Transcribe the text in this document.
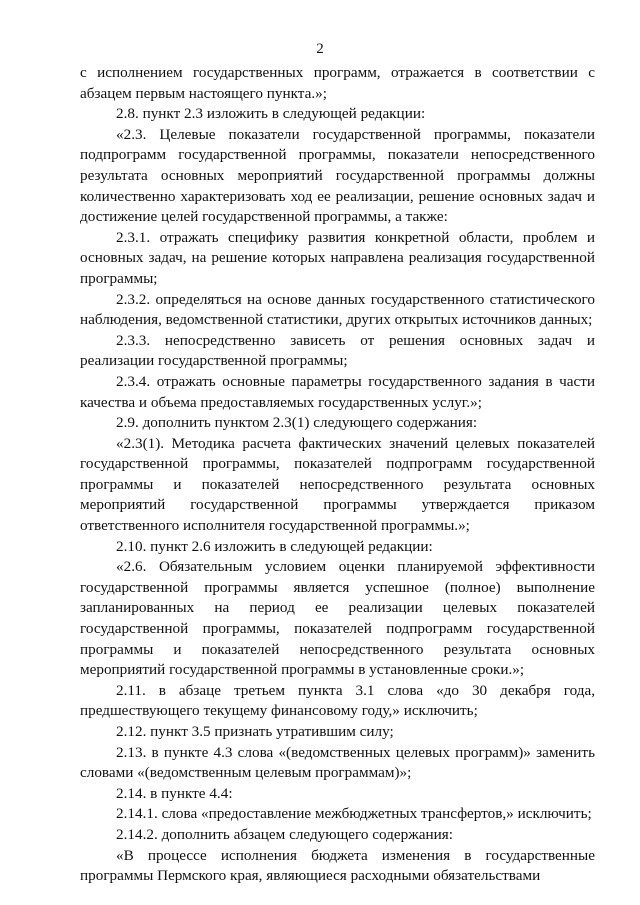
2

с исполнением государственных программ, отражается в соответствии с абзацем первым настоящего пункта.»;

2.8. пункт 2.3 изложить в следующей редакции:

«2.3. Целевые показатели государственной программы, показатели подпрограмм государственной программы, показатели непосредственного результата основных мероприятий государственной программы должны количественно характеризовать ход ее реализации, решение основных задач и достижение целей государственной программы, а также:

2.3.1. отражать специфику развития конкретной области, проблем и основных задач, на решение которых направлена реализация государственной программы;

2.3.2. определяться на основе данных государственного статистического наблюдения, ведомственной статистики, других открытых источников данных;

2.3.3. непосредственно зависеть от решения основных задач и реализации государственной программы;

2.3.4. отражать основные параметры государственного задания в части качества и объема предоставляемых государственных услуг.»;

2.9. дополнить пунктом 2.3(1) следующего содержания:

«2.3(1). Методика расчета фактических значений целевых показателей государственной программы, показателей подпрограмм государственной программы и показателей непосредственного результата основных мероприятий государственной программы утверждается приказом ответственного исполнителя государственной программы.»;

2.10. пункт 2.6 изложить в следующей редакции:

«2.6. Обязательным условием оценки планируемой эффективности государственной программы является успешное (полное) выполнение запланированных на период ее реализации целевых показателей государственной программы, показателей подпрограмм государственной программы и показателей непосредственного результата основных мероприятий государственной программы в установленные сроки.»;

2.11. в абзаце третьем пункта 3.1 слова «до 30 декабря года, предшествующего текущему финансовому году,» исключить;

2.12. пункт 3.5 признать утратившим силу;

2.13. в пункте 4.3 слова «(ведомственных целевых программ)» заменить словами «(ведомственным целевым программам)»;

2.14. в пункте 4.4:

2.14.1. слова «предоставление межбюджетных трансфертов,» исключить;

2.14.2. дополнить абзацем следующего содержания:

«В процессе исполнения бюджета изменения в государственные программы Пермского края, являющиеся расходными обязательствами
